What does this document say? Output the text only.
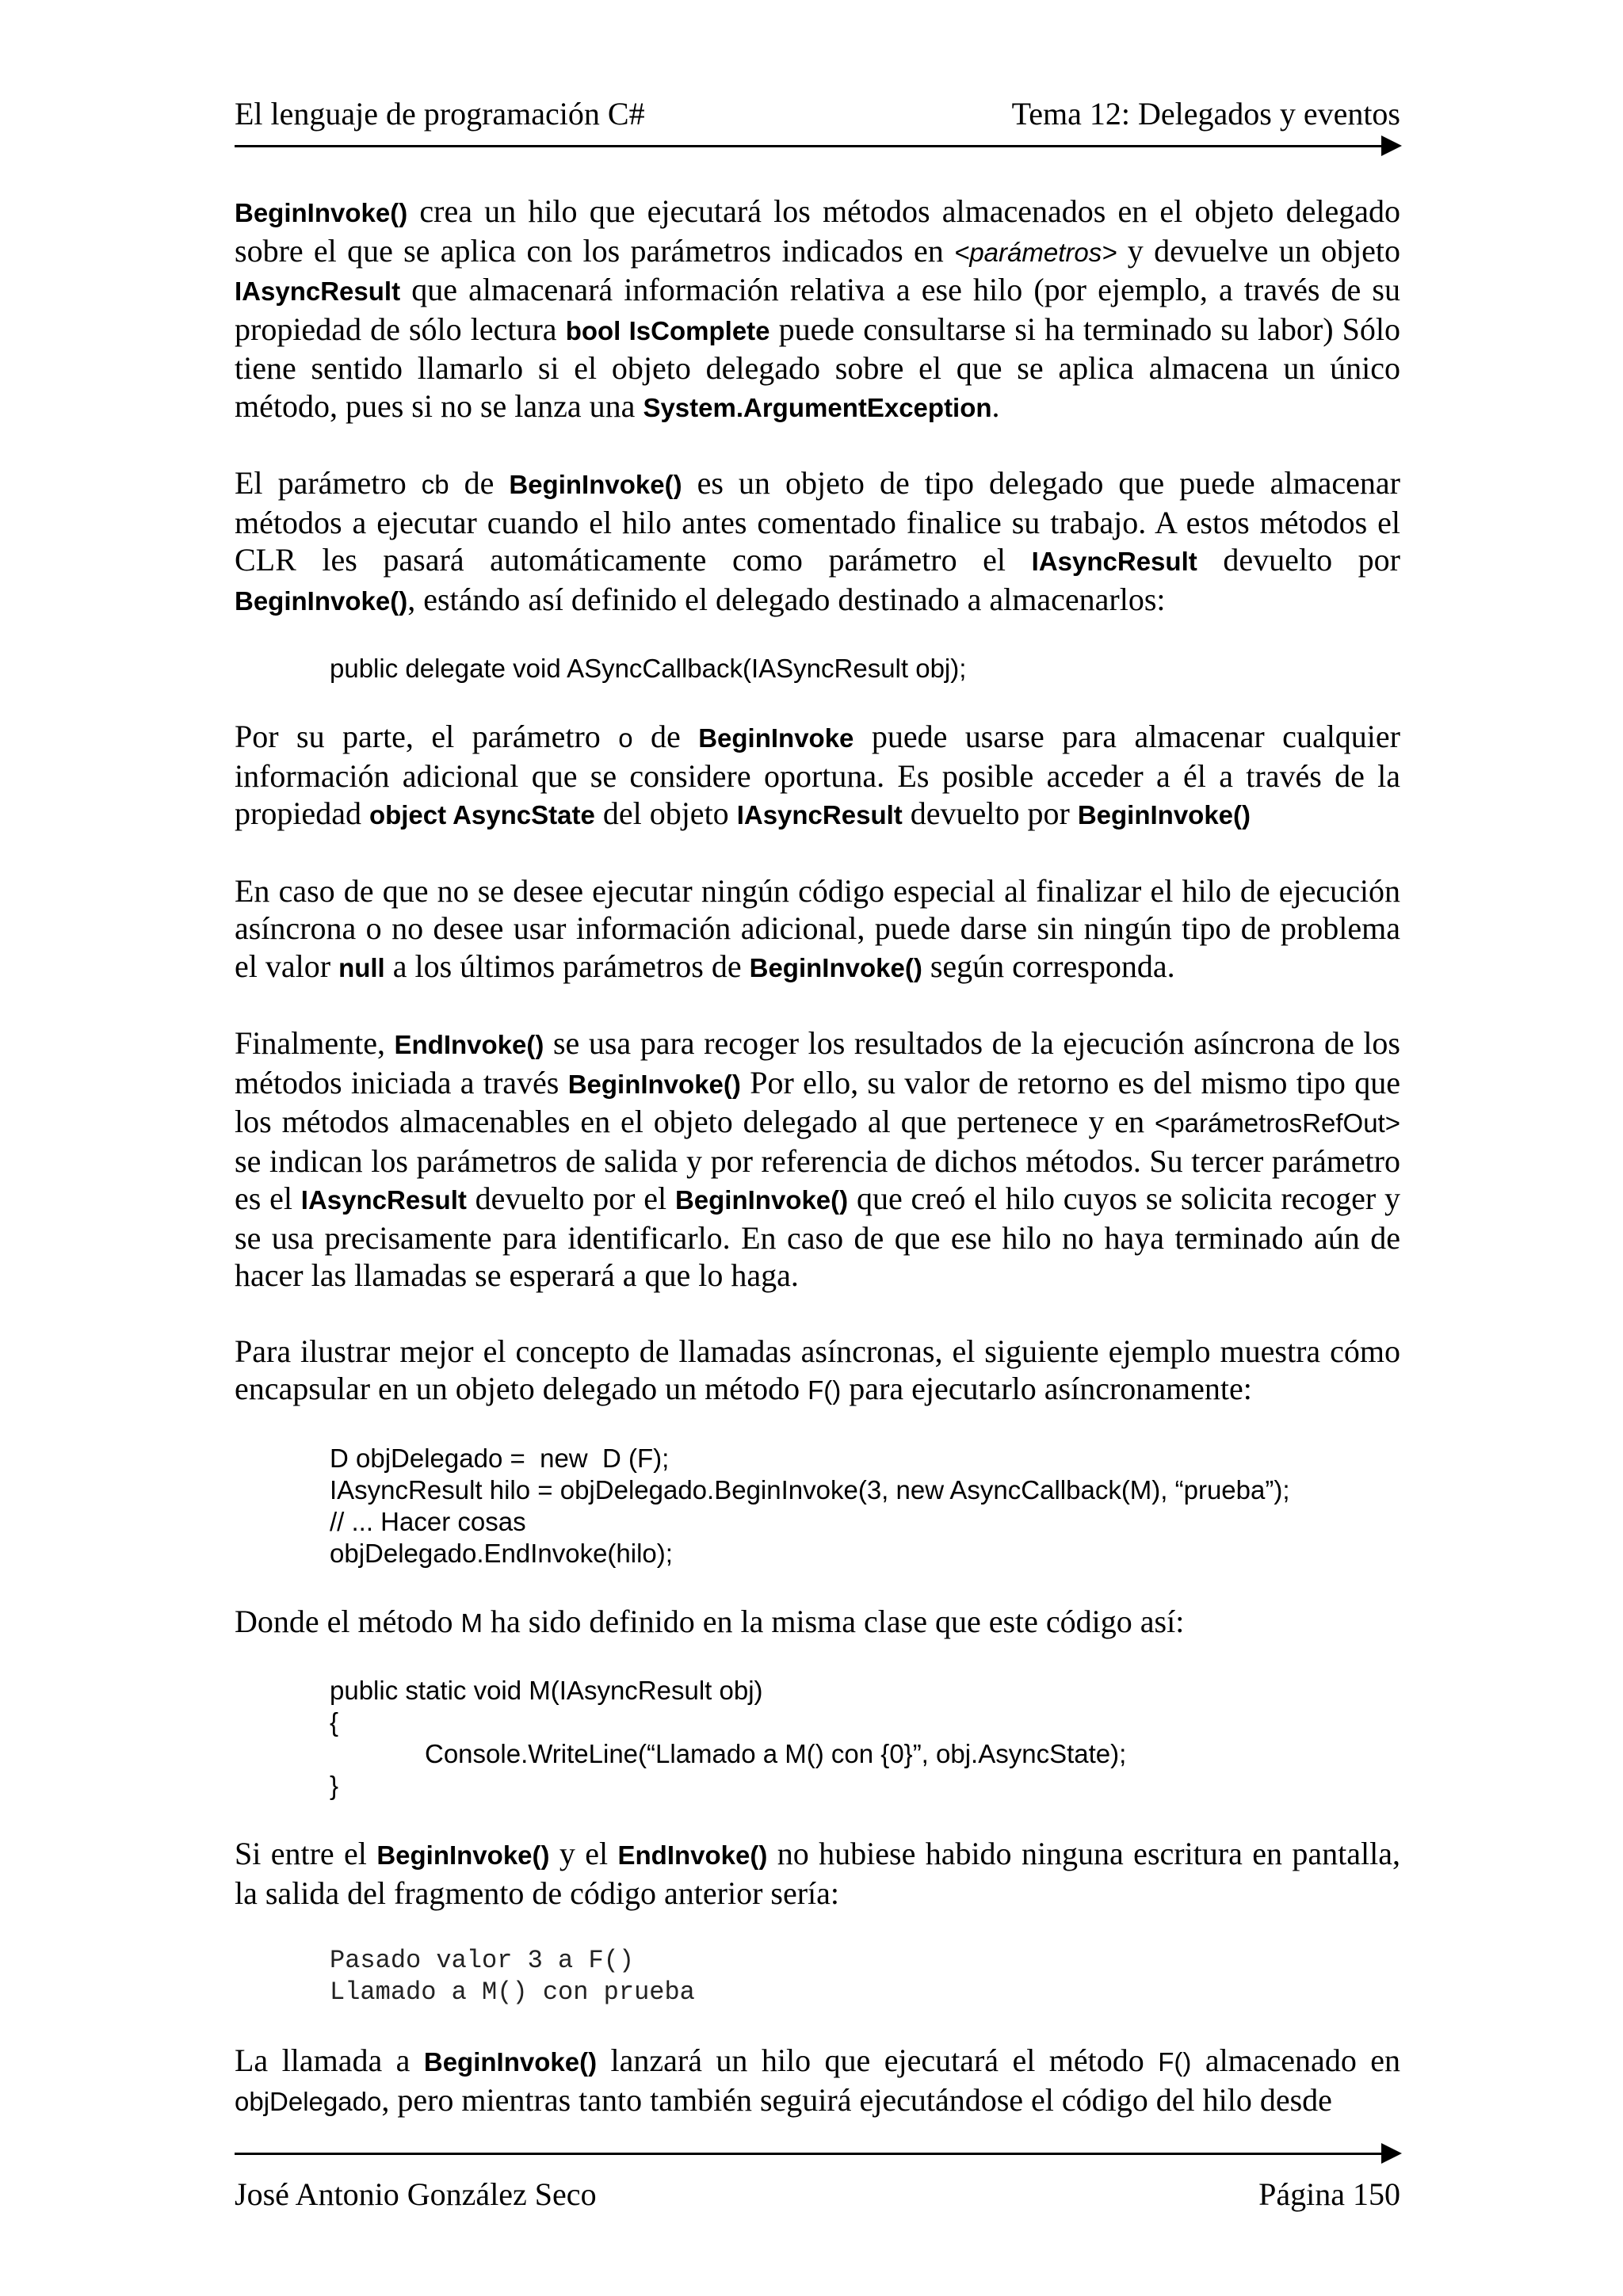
El lenguaje de programación C#	Tema 12: Delegados y eventos

BeginInvoke() crea un hilo que ejecutará los métodos almacenados en el objeto delegado sobre el que se aplica con los parámetros indicados en <parámetros> y devuelve un objeto IAsyncResult que almacenará información relativa a ese hilo (por ejemplo, a través de su propiedad de sólo lectura bool IsComplete puede consultarse si ha terminado su labor) Sólo tiene sentido llamarlo si el objeto delegado sobre el que se aplica almacena un único método, pues si no se lanza una System.ArgumentException.

El parámetro cb de BeginInvoke() es un objeto de tipo delegado que puede almacenar métodos a ejecutar cuando el hilo antes comentado finalice su trabajo. A estos métodos el CLR les pasará automáticamente como parámetro el IAsyncResult devuelto por BeginInvoke(), estándo así definido el delegado destinado a almacenarlos:

public delegate void ASyncCallback(IASyncResult obj);

Por su parte, el parámetro o de BeginInvoke puede usarse para almacenar cualquier información adicional que se considere oportuna. Es posible acceder a él a través de la propiedad object AsyncState del objeto IAsyncResult devuelto por BeginInvoke()

En caso de que no se desee ejecutar ningún código especial al finalizar el hilo de ejecución asíncrona o no desee usar información adicional, puede darse sin ningún tipo de problema el valor null a los últimos parámetros de BeginInvoke() según corresponda.

Finalmente, EndInvoke() se usa para recoger los resultados de la ejecución asíncrona de los métodos iniciada a través BeginInvoke() Por ello, su valor de retorno es del mismo tipo que los métodos almacenables en el objeto delegado al que pertenece y en <parámetrosRefOut> se indican los parámetros de salida y por referencia de dichos métodos. Su tercer parámetro es el IAsyncResult devuelto por el BeginInvoke() que creó el hilo cuyos se solicita recoger y se usa precisamente para identificarlo. En caso de que ese hilo no haya terminado aún de hacer las llamadas se esperará a que lo haga.

Para ilustrar mejor el concepto de llamadas asíncronas, el siguiente ejemplo muestra cómo encapsular en un objeto delegado un método F() para ejecutarlo asíncronamente:

D objDelegado =  new  D (F);
IAsyncResult hilo = objDelegado.BeginInvoke(3, new AsyncCallback(M), “prueba”);
// ... Hacer cosas
objDelegado.EndInvoke(hilo);

Donde el método M ha sido definido en la misma clase que este código así:

public static void M(IAsyncResult obj)
{
Console.WriteLine(“Llamado a M() con {0}”, obj.AsyncState);
}

Si entre el BeginInvoke() y el EndInvoke() no hubiese habido ninguna escritura en pantalla, la salida del fragmento de código anterior sería:

Pasado valor 3 a F()
Llamado a M() con prueba

La llamada a BeginInvoke() lanzará un hilo que ejecutará el método F() almacenado en objDelegado, pero mientras tanto también seguirá ejecutándose el código del hilo desde

José Antonio González Seco	Página 150
